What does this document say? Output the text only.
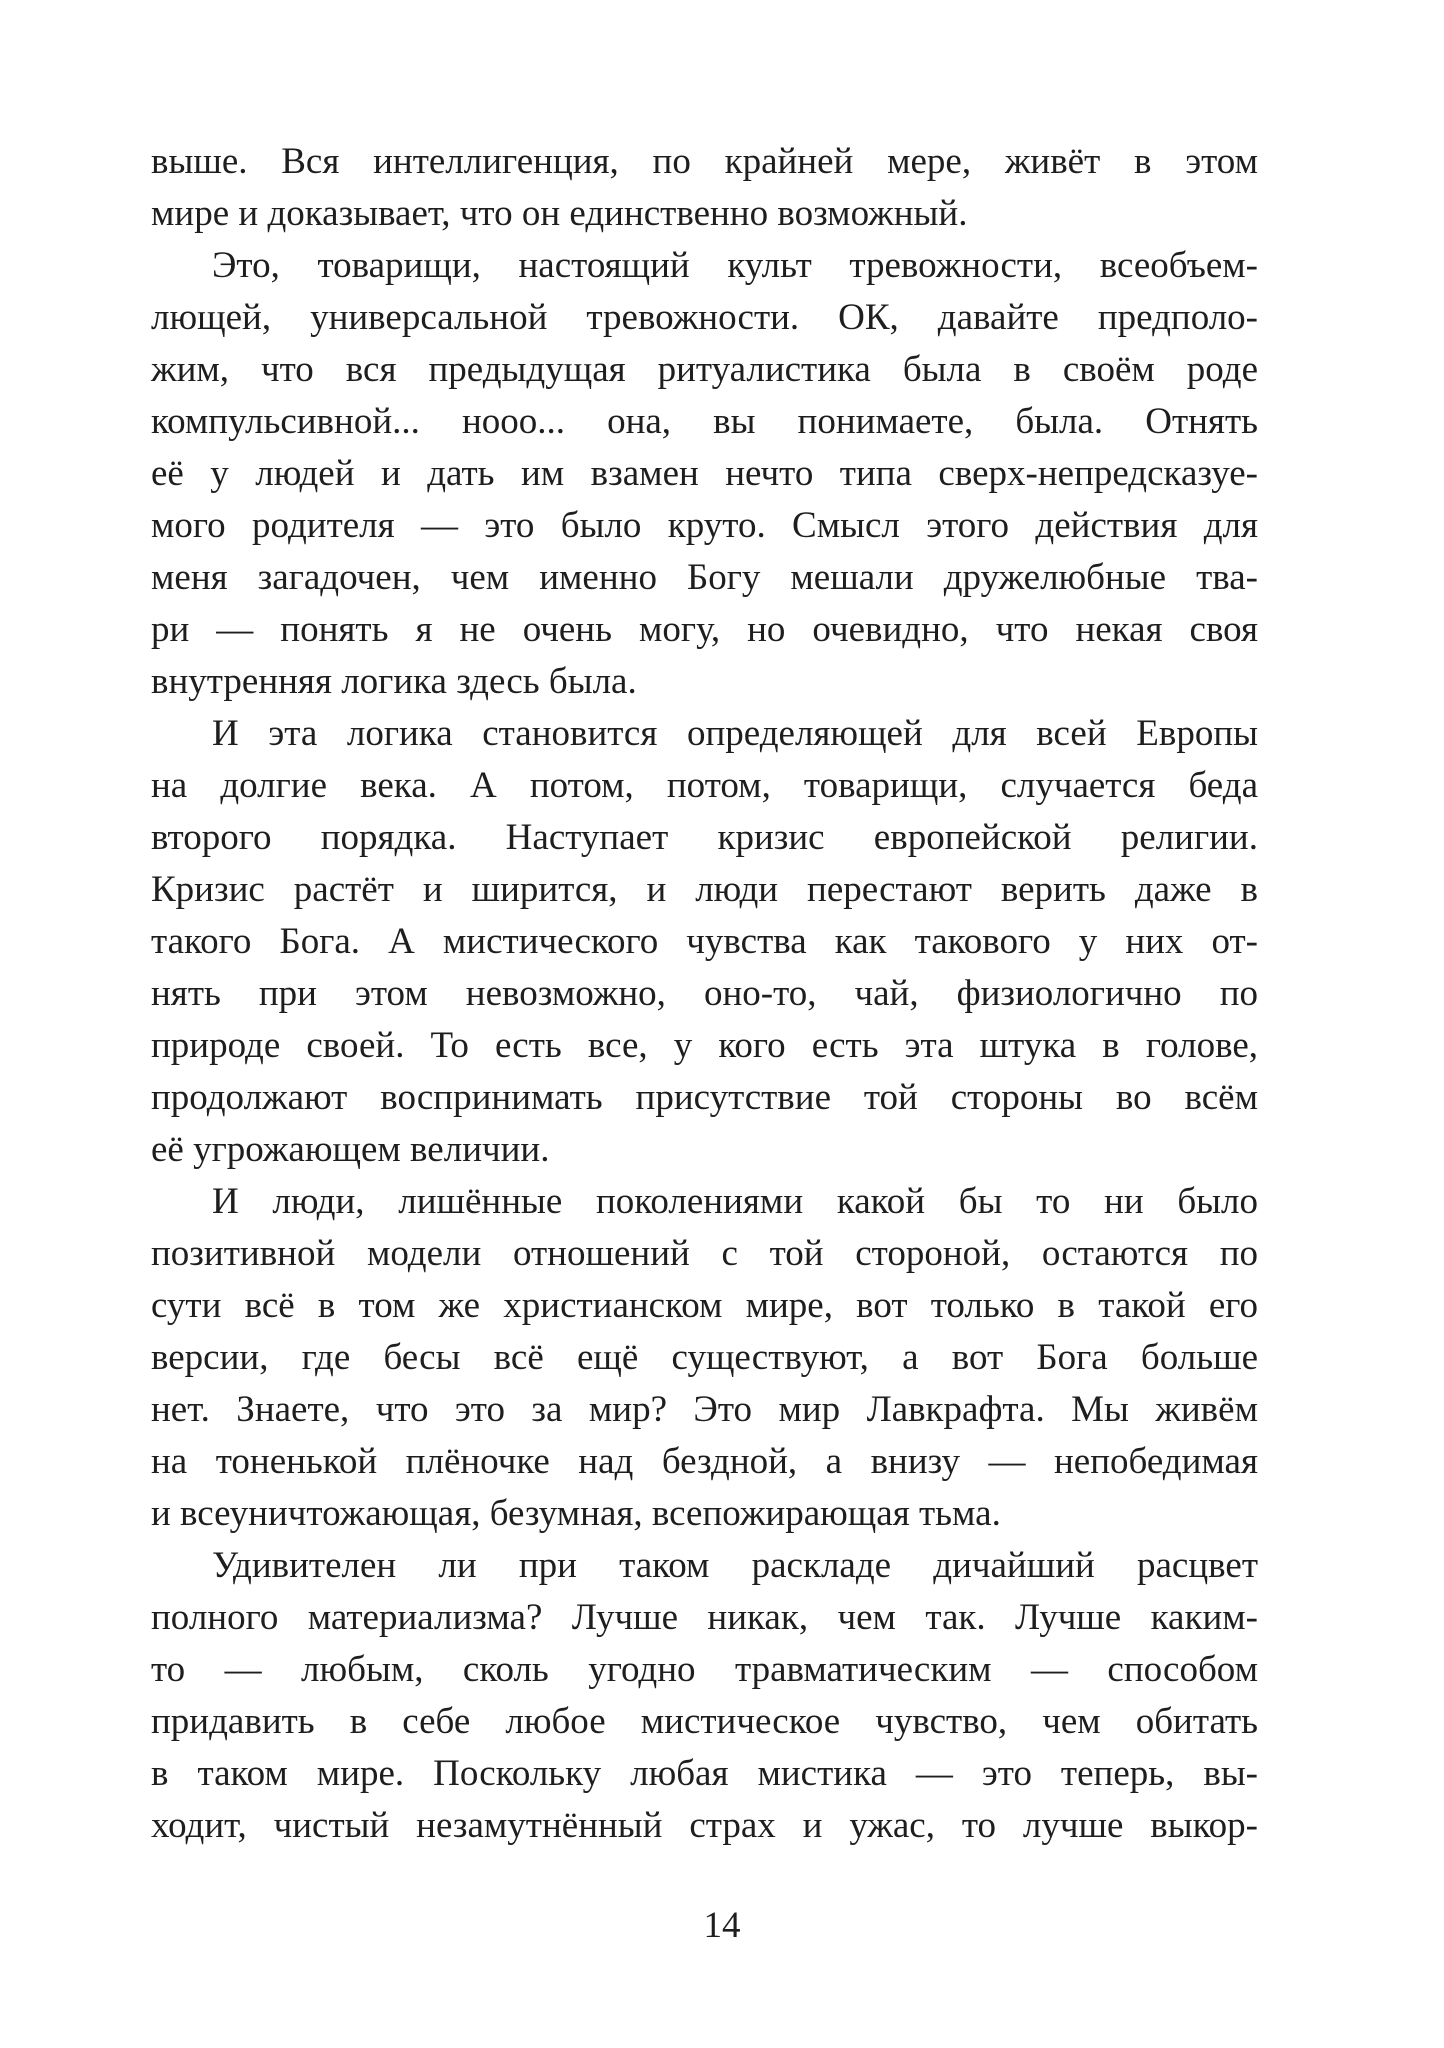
выше. Вся интеллигенция, по крайней мере, живёт в этом
мире и доказывает, что он единственно возможный.
Это, товарищи, настоящий культ тревожности, всеобъем-
лющей, универсальной тревожности. ОК, давайте предполо-
жим, что вся предыдущая ритуалистика была в своём роде
компульсивной... ноoo... она, вы понимаете, была. Отнять
её у людей и дать им взамен нечто типа сверх-непредсказуе-
мого родителя — это было круто. Смысл этого действия для
меня загадочен, чем именно Богу мешали дружелюбные тва-
ри — понять я не очень могу, но очевидно, что некая своя
внутренняя логика здесь была.
И эта логика становится определяющей для всей Европы
на долгие века. А потом, потом, товарищи, случается беда
второго порядка. Наступает кризис европейской религии.
Кризис растёт и ширится, и люди перестают верить даже в
такого Бога. А мистического чувства как такового у них от-
нять при этом невозможно, оно-то, чай, физиологично по
природе своей. То есть все, у кого есть эта штука в голове,
продолжают воспринимать присутствие той стороны во всём
её угрожающем величии.
И люди, лишённые поколениями какой бы то ни было
позитивной модели отношений с той стороной, остаются по
сути всё в том же христианском мире, вот только в такой его
версии, где бесы всё ещё существуют, а вот Бога больше
нет. Знаете, что это за мир? Это мир Лавкрафта. Мы живём
на тоненькой плёночке над бездной, а внизу — непобедимая
и всеуничтожающая, безумная, всепожирающая тьма.
Удивителен ли при таком раскладе дичайший расцвет
полного материализма? Лучше никак, чем так. Лучше каким-
то — любым, сколь угодно травматическим — способом
придавить в себе любое мистическое чувство, чем обитать
в таком мире. Поскольку любая мистика — это теперь, вы-
ходит, чистый незамутнённый страх и ужас, то лучше выкор-
14
